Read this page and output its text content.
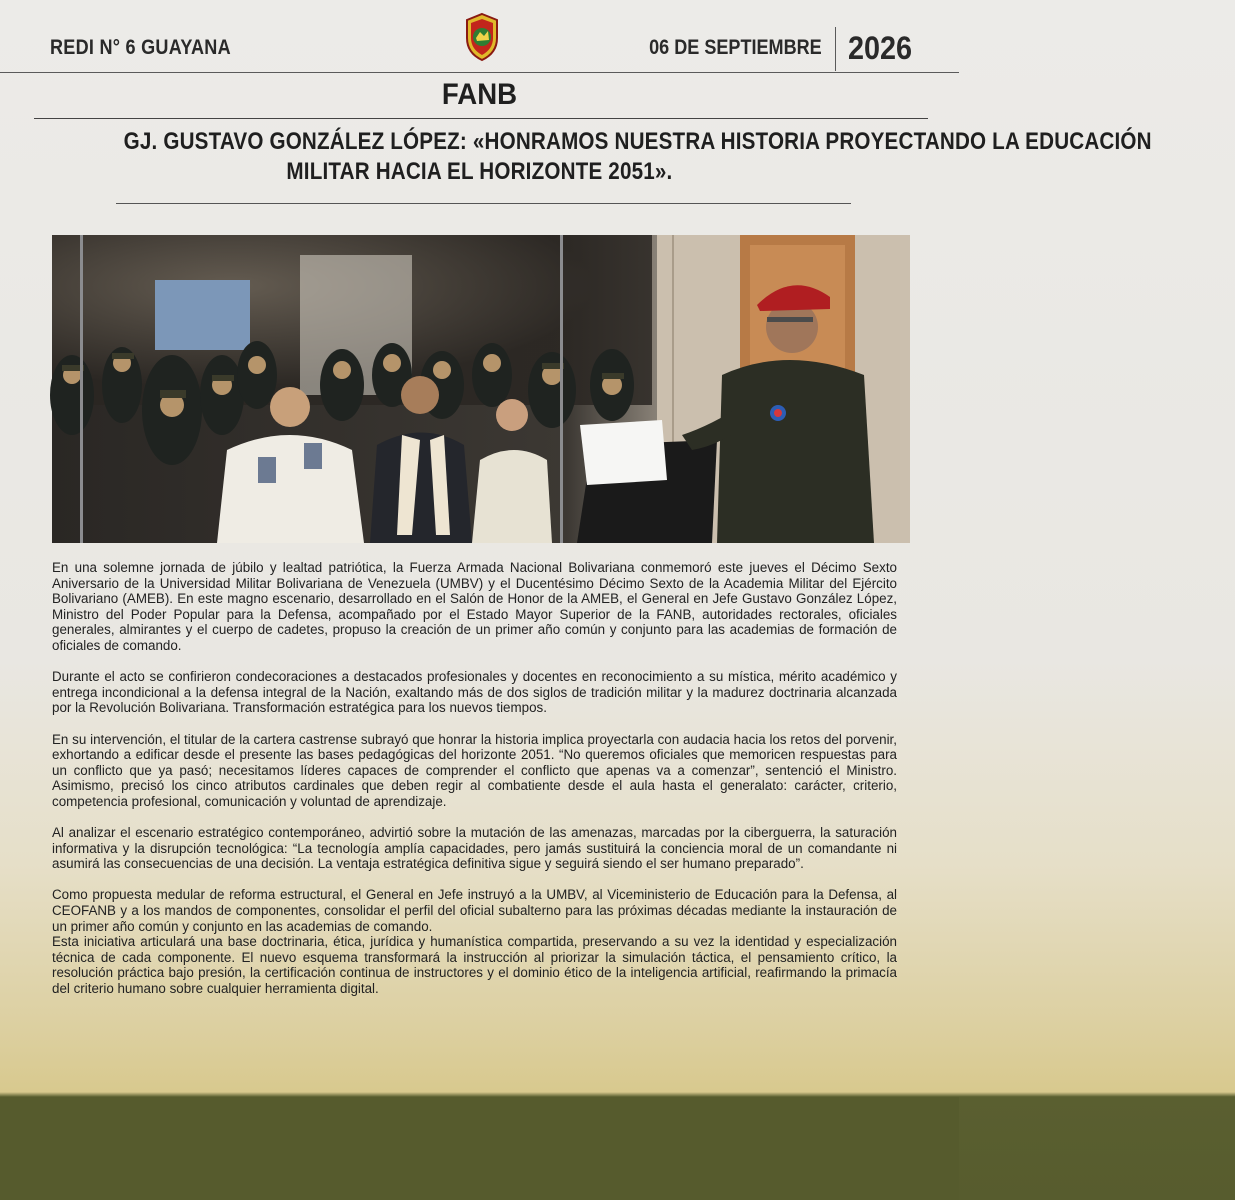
REDI N° 6 GUAYANA	06 DE SEPTIEMBRE 2026
FANB
GJ. GUSTAVO GONZÁLEZ LÓPEZ: «HONRAMOS NUESTRA HISTORIA PROYECTANDO LA EDUCACIÓN
MILITAR HACIA EL HORIZONTE 2051».

En una solemne jornada de júbilo y lealtad patriótica, la Fuerza Armada Nacional Bolivariana conmemoró este jueves el Décimo Sexto Aniversario de la Universidad Militar Bolivariana de Venezuela (UMBV) y el Ducentésimo Décimo Sexto de la Academia Militar del Ejército Bolivariano (AMEB). En este magno escenario, desarrollado en el Salón de Honor de la AMEB, el General en Jefe Gustavo González López, Ministro del Poder Popular para la Defensa, acompañado por el Estado Mayor Superior de la FANB, autoridades rectorales, oficiales generales, almirantes y el cuerpo de cadetes, propuso la creación de un primer año común y conjunto para las academias de formación de oficiales de comando.

Durante el acto se confirieron condecoraciones a destacados profesionales y docentes en reconocimiento a su mística, mérito académico y entrega incondicional a la defensa integral de la Nación, exaltando más de dos siglos de tradición militar y la madurez doctrinaria alcanzada por la Revolución Bolivariana. Transformación estratégica para los nuevos tiempos.

En su intervención, el titular de la cartera castrense subrayó que honrar la historia implica proyectarla con audacia hacia los retos del porvenir, exhortando a edificar desde el presente las bases pedagógicas del horizonte 2051. “No queremos oficiales que memoricen respuestas para un conflicto que ya pasó; necesitamos líderes capaces de comprender el conflicto que apenas va a comenzar”, sentenció el Ministro. Asimismo, precisó los cinco atributos cardinales que deben regir al combatiente desde el aula hasta el generalato: carácter, criterio, competencia profesional, comunicación y voluntad de aprendizaje.

Al analizar el escenario estratégico contemporáneo, advirtió sobre la mutación de las amenazas, marcadas por la ciberguerra, la saturación informativa y la disrupción tecnológica: “La tecnología amplía capacidades, pero jamás sustituirá la conciencia moral de un comandante ni asumirá las consecuencias de una decisión. La ventaja estratégica definitiva sigue y seguirá siendo el ser humano preparado”.

Como propuesta medular de reforma estructural, el General en Jefe instruyó a la UMBV, al Viceministerio de Educación para la Defensa, al CEOFANB y a los mandos de componentes, consolidar el perfil del oficial subalterno para las próximas décadas mediante la instauración de un primer año común y conjunto en las academias de comando.

Esta iniciativa articulará una base doctrinaria, ética, jurídica y humanística compartida, preservando a su vez la identidad y especialización técnica de cada componente. El nuevo esquema transformará la instrucción al priorizar la simulación táctica, el pensamiento crítico, la resolución práctica bajo presión, la certificación continua de instructores y el dominio ético de la inteligencia artificial, reafirmando la primacía del criterio humano sobre cualquier herramienta digital.
